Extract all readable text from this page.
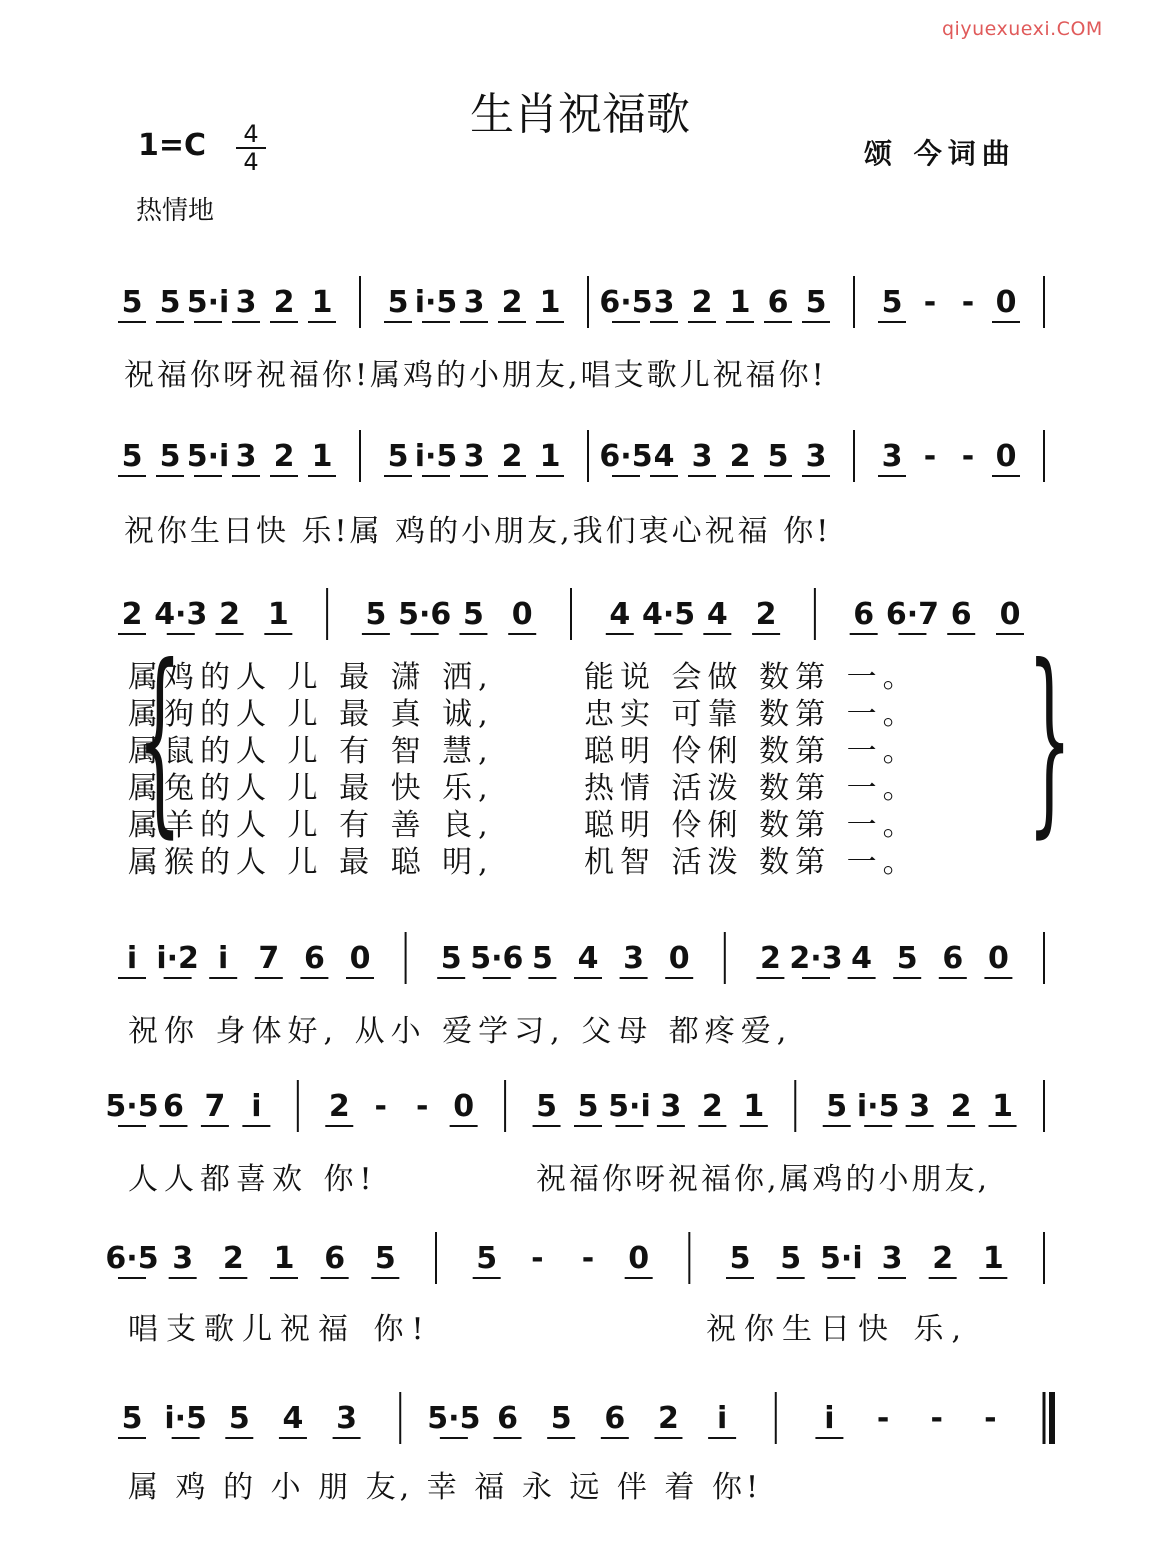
qiyuexuexi.COM
生肖祝福歌
1=C	4
4	颂 今词曲
热情地
5 5 5·i 3 2 1 5 i·5 3 2 1 6·5 3 2 1 6 5 5 - - 0
5 5 5·i 3 2 1 5 i·5 3 2 1 6·5 4 3 2 5 3 3 - - 0
2 4·3 2 1	5 5·6 5 0	4 4·5 4 2	6 6·7 6 0
i i·2 i 7 6 0 5 5·6 5 4 3 0 2 2·3 4 5 6 0
5·5 6 7 i 2 - - 0 5 5 5·i 3 2 1 5 i·5 3 2 1
6·5 3 2 1 6 5	5 - - 0	5 5 5·i 3 2 1
5 i·5 5 4 3 5·5 6 5 6 2 i	i - - -
祝福你呀祝福你!属鸡的小朋友,唱支歌儿祝福你!
祝你生日快 乐!属 鸡的小朋友,我们衷心祝福 你!
{	}
属鸡的人 儿 最 潇 洒,	能说 会做 数第 一。
属狗的人 儿 最 真 诚,	忠实 可靠 数第 一。
属鼠的人 儿 有 智 慧,	聪明 伶俐 数第 一。
属兔的人 儿 最 快 乐,	热情 活泼 数第 一。
属羊的人 儿 有 善 良,	聪明 伶俐 数第 一。
属猴的人 儿 最 聪 明,	机智 活泼 数第 一。
祝你 身体好, 从小 爱学习, 父母 都疼爱,
人人都喜欢 你!	祝福你呀祝福你,属鸡的小朋友,
唱支歌儿祝福 你!	祝你生日快 乐,
属 鸡 的 小 朋 友, 幸 福 永 远 伴 着 你!
